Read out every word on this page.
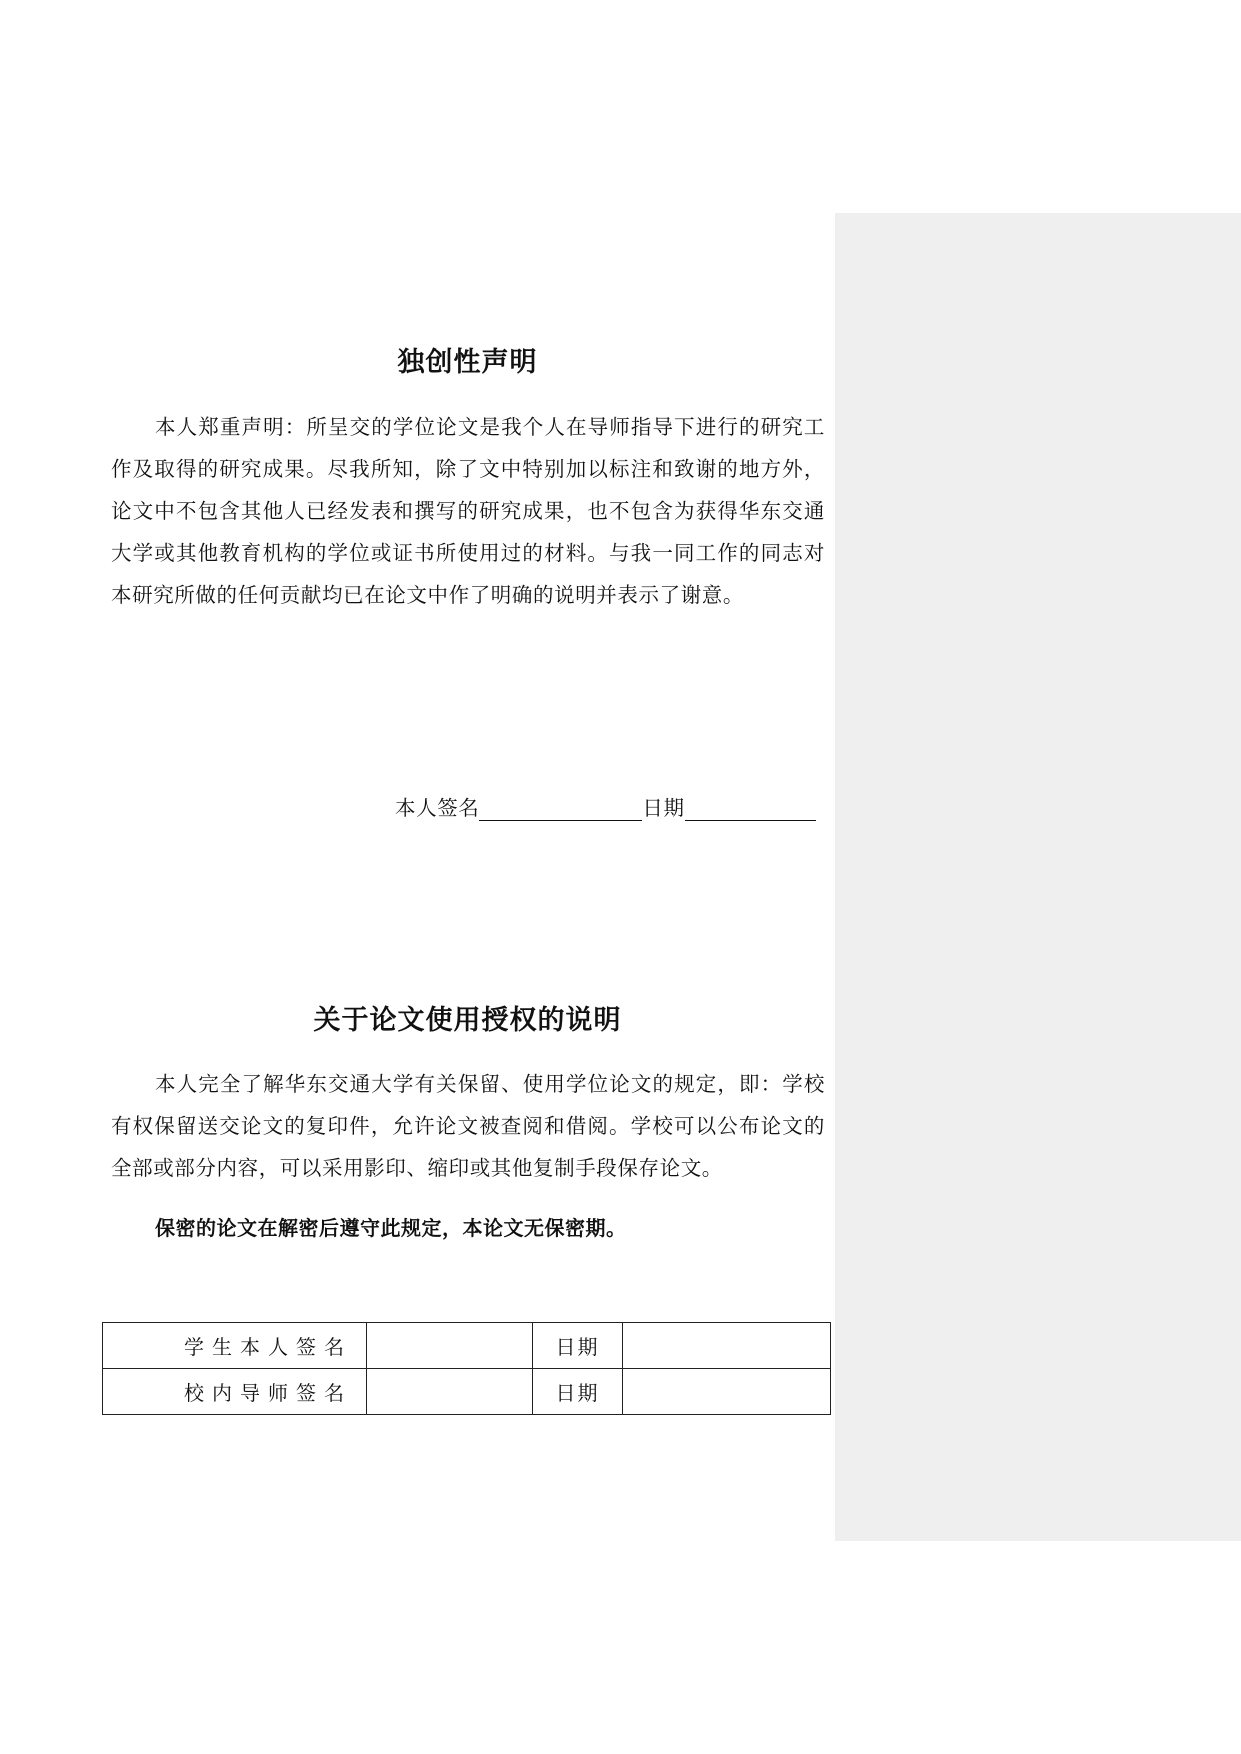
独创性声明

本人郑重声明：所呈交的学位论文是我个人在导师指导下进行的研究工作及取得的研究成果。尽我所知，除了文中特别加以标注和致谢的地方外，论文中不包含其他人已经发表和撰写的研究成果，也不包含为获得华东交通大学或其他教育机构的学位或证书所使用过的材料。与我一同工作的同志对本研究所做的任何贡献均已在论文中作了明确的说明并表示了谢意。

本人签名	日期
关于论文使用授权的说明

本人完全了解华东交通大学有关保留、使用学位论文的规定，即：学校有权保留送交论文的复印件，允许论文被查阅和借阅。学校可以公布论文的全部或部分内容，可以采用影印、缩印或其他复制手段保存论文。

保密的论文在解密后遵守此规定，本论文无保密期。

学生本人签名		日期	
校内导师签名		日期	
